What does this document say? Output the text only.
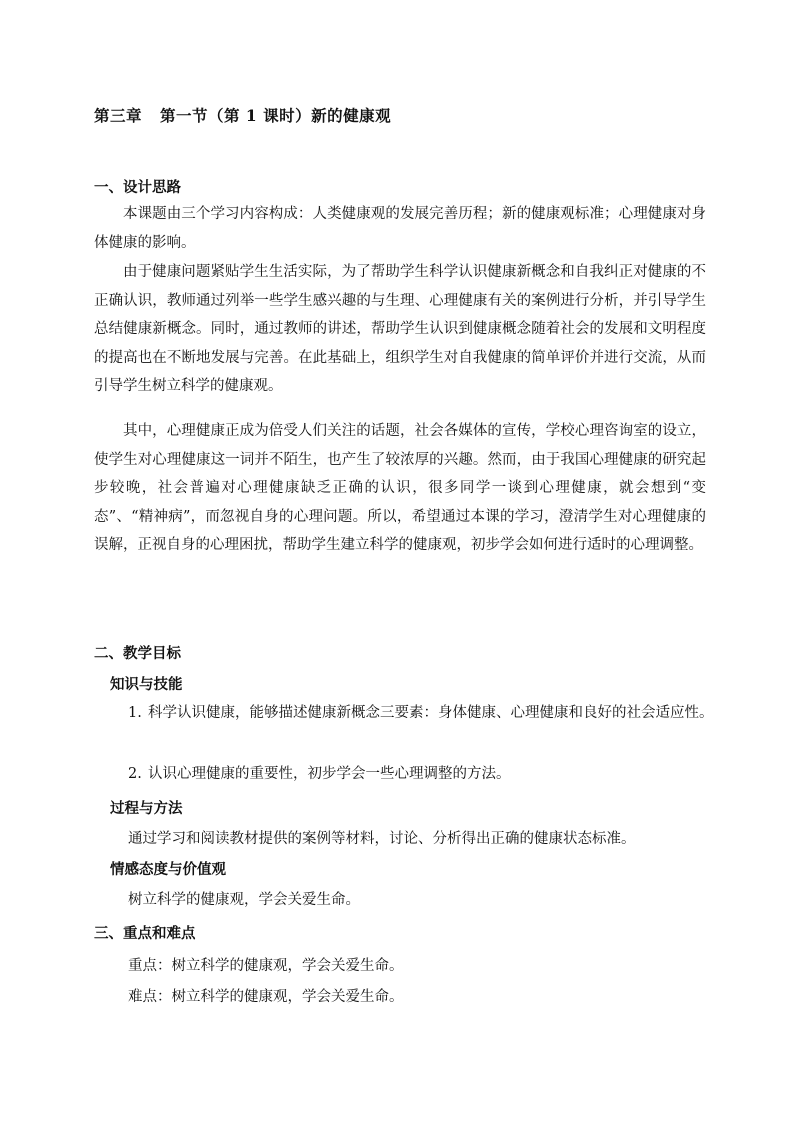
第三章 第一节（第 1 课时）新的健康观
一、设计思路

本课题由三个学习内容构成：人类健康观的发展完善历程；新的健康观标准；心理健康对身体健康的影响。

由于健康问题紧贴学生生活实际，为了帮助学生科学认识健康新概念和自我纠正对健康的不正确认识，教师通过列举一些学生感兴趣的与生理、心理健康有关的案例进行分析，并引导学生总结健康新概念。同时，通过教师的讲述，帮助学生认识到健康概念随着社会的发展和文明程度的提高也在不断地发展与完善。在此基础上，组织学生对自我健康的简单评价并进行交流，从而引导学生树立科学的健康观。

其中，心理健康正成为倍受人们关注的话题，社会各媒体的宣传，学校心理咨询室的设立，使学生对心理健康这一词并不陌生，也产生了较浓厚的兴趣。然而，由于我国心理健康的研究起步较晚，社会普遍对心理健康缺乏正确的认识，很多同学一谈到心理健康，就会想到“变态”、“精神病”，而忽视自身的心理问题。所以，希望通过本课的学习，澄清学生对心理健康的误解，正视自身的心理困扰，帮助学生建立科学的健康观，初步学会如何进行适时的心理调整。

二、教学目标
知识与技能

1. 科学认识健康，能够描述健康新概念三要素：身体健康、心理健康和良好的社会适应性。

2. 认识心理健康的重要性，初步学会一些心理调整的方法。

过程与方法

通过学习和阅读教材提供的案例等材料，讨论、分析得出正确的健康状态标准。

情感态度与价值观

树立科学的健康观，学会关爱生命。

三、重点和难点

重点：树立科学的健康观，学会关爱生命。

难点：树立科学的健康观，学会关爱生命。
